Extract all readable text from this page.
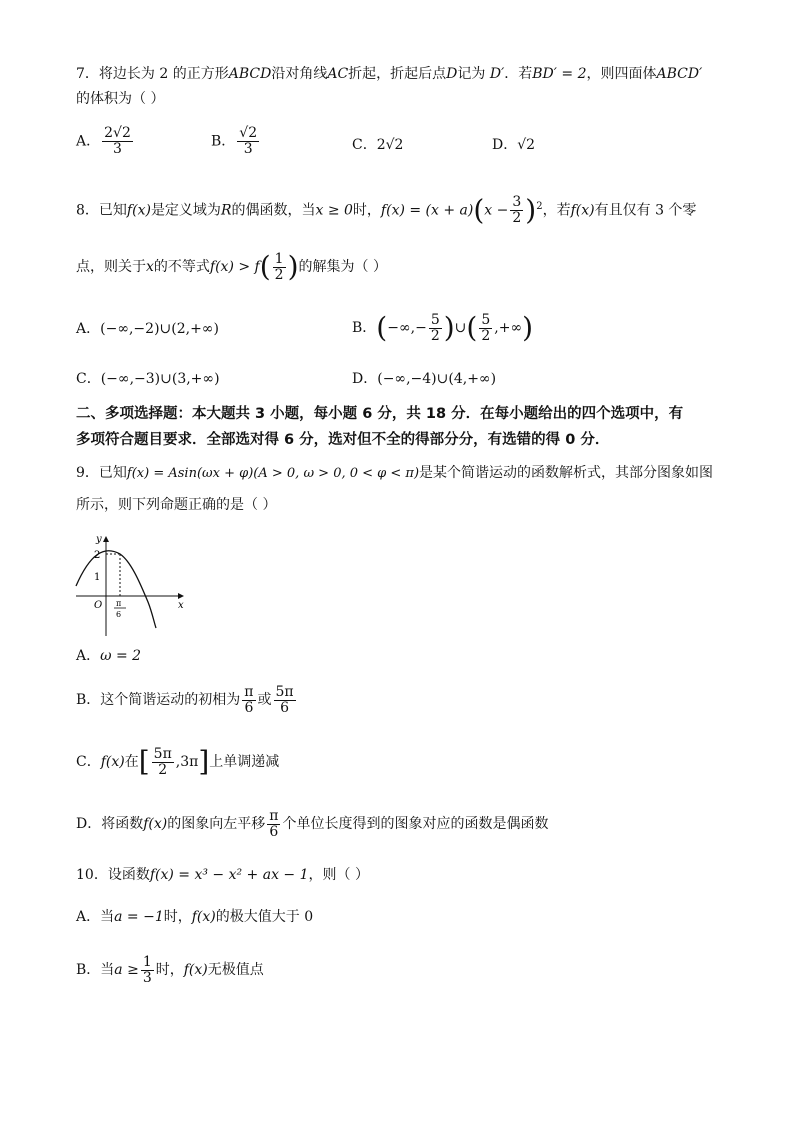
7．将边长为 2 的正方形ABCD沿对角线AC折起，折起后点D记为 D′．若BD′ = 2，则四面体ABCD′
的体积为（ ）
A． $\frac{2√2}{3}$	B． $\frac{√2}{3}$	C．2√2	D．√2
8．已知f(x)是定义域为R的偶函数，当x ≥ 0时，$f(x) = (x + a)(x - \frac{3}{2} )^2$，若f(x)有且仅有 3 个零
点，则关于x的不等式$f(x) > f( \frac{1}{2}$ )的解集为（ ）
A．(−∞,−2)∪(2,+∞)	B．(−∞,− $\frac{5}{2}$ )∪( $\frac{5}{2}$ ,+∞)
C．(−∞,−3)∪(3,+∞)	D．(−∞,−4)∪(4,+∞)
二、多项选择题：本大题共 3 小题，每小题 6 分，共 18 分．在每小题给出的四个选项中，有
多项符合题目要求．全部选对得 6 分，选对但不全的得部分分，有选错的得 0 分．
9．已知f(x) = Asin(ωx + φ)(A > 0, ω > 0, 0 < φ < π)是某个简谐运动的函数解析式，其部分图象如图
所示，则下列命题正确的是（ ）
y
x
O
2
1
π
6
A．ω = 2
B．这个简谐运动的初相为 $\frac{\pi}{6}$ 或 $\frac{5\pi}{6}$
C．f(x)在[ $\frac{5\pi}{2} ,3\pi$]上单调递减
D．将函数f(x)的图象向左平移 $\frac{\pi}{6}$ 个单位长度得到的图象对应的函数是偶函数
10．设函数f(x) = x³ − x² + ax − 1，则（ ）
A．当a = −1时，f(x)的极大值大于 0
B．当$a \ge \frac{1}{3}$ 时，f(x)无极值点
